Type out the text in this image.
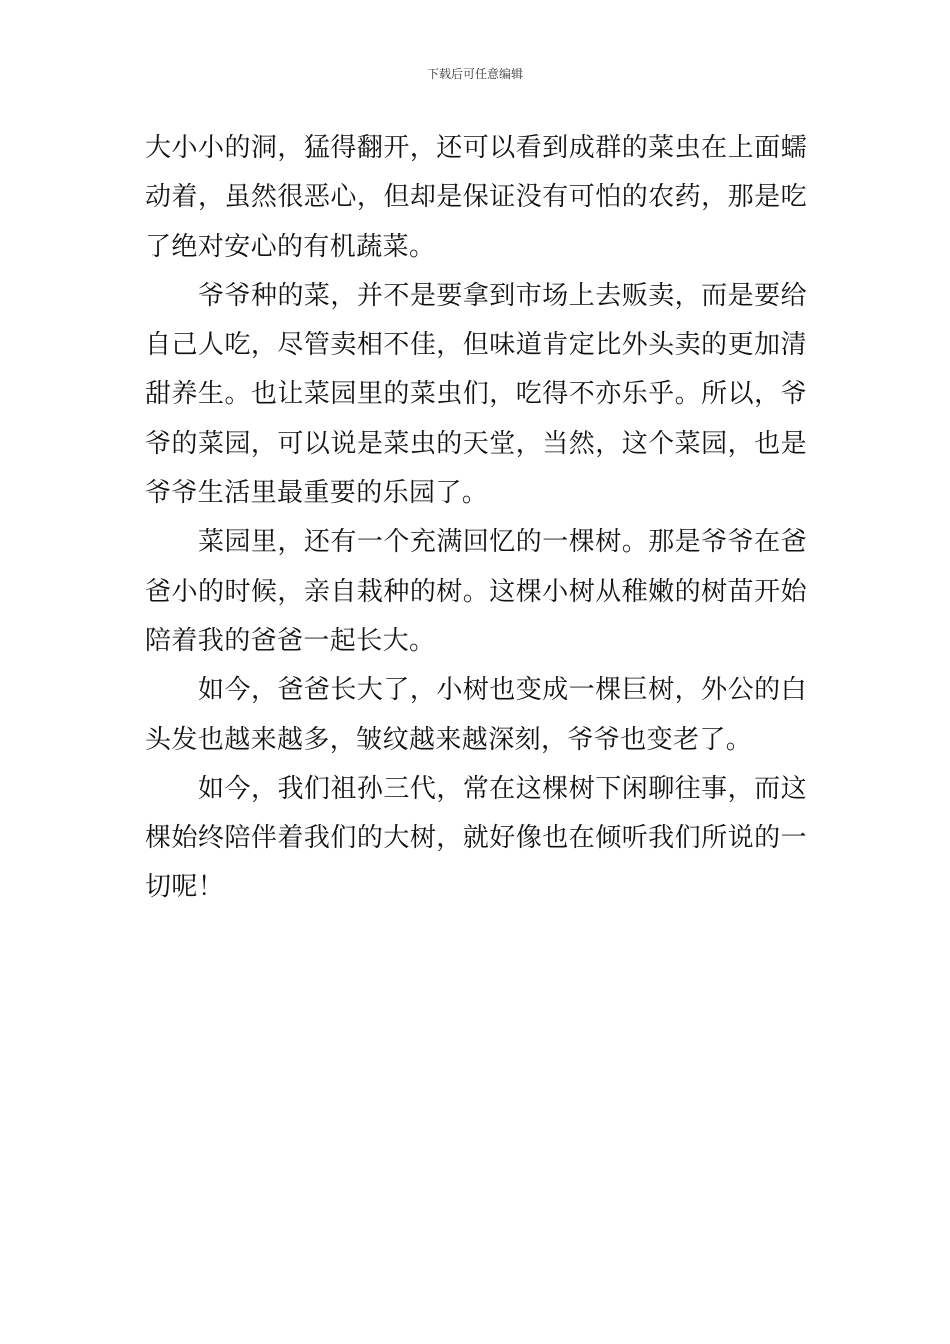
下载后可任意编辑

大小小的洞，猛得翻开，还可以看到成群的菜虫在上面蠕动着，虽然很恶心，但却是保证没有可怕的农药，那是吃了绝对安心的有机蔬菜。

爷爷种的菜，并不是要拿到市场上去贩卖，而是要给自己人吃，尽管卖相不佳，但味道肯定比外头卖的更加清甜养生。也让菜园里的菜虫们，吃得不亦乐乎。所以，爷爷的菜园，可以说是菜虫的天堂，当然，这个菜园，也是爷爷生活里最重要的乐园了。

菜园里，还有一个充满回忆的一棵树。那是爷爷在爸爸小的时候，亲自栽种的树。这棵小树从稚嫩的树苗开始陪着我的爸爸一起长大。

如今，爸爸长大了，小树也变成一棵巨树，外公的白头发也越来越多，皱纹越来越深刻，爷爷也变老了。

如今，我们祖孙三代，常在这棵树下闲聊往事，而这棵始终陪伴着我们的大树，就好像也在倾听我们所说的一切呢！
